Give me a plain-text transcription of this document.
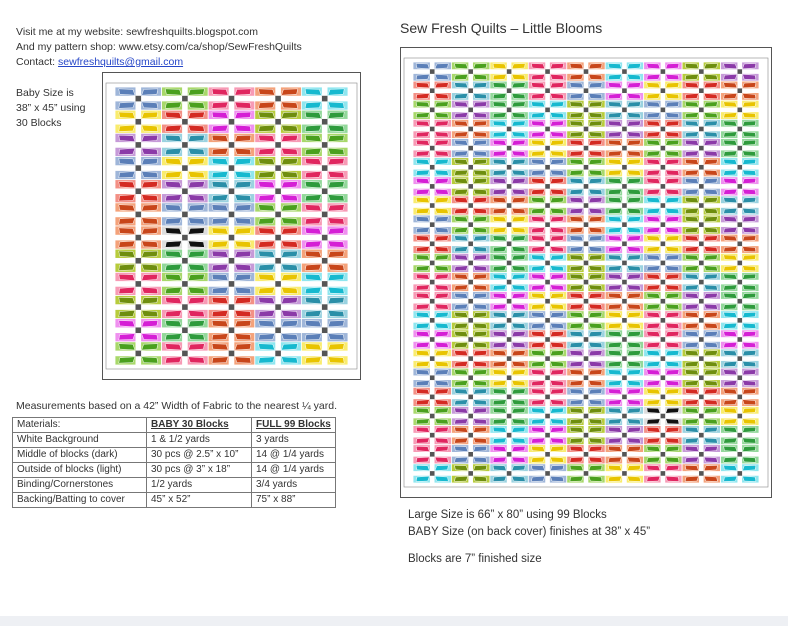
Visit me at my website: sewfreshquilts.blogspot.com
And my pattern shop: www.etsy.com/ca/shop/SewFreshQuilts
Contact: sewfreshquilts@gmail.com
Baby Size is
38” x 45” using
30 Blocks
Measurements based on a 42” Width of Fabric to the nearest ¼ yard.
Materials:	BABY 30 Blocks	FULL 99 Blocks
White Background	1 & 1/2 yards	3 yards
Middle of blocks (dark)	30 pcs @ 2.5” x 10”	14 @ 1/4 yards
Outside of blocks (light)	30 pcs @ 3” x 18”	14 @ 1/4 yards
Binding/Cornerstones	1/2 yards	3/4 yards
Backing/Batting to cover	45” x 52”	75” x 88”
Sew Fresh Quilts – Little Blooms
Large Size is 66” x 80” using 99 Blocks
BABY Size (on back cover) finishes at 38” x 45”
Blocks are 7” finished size
